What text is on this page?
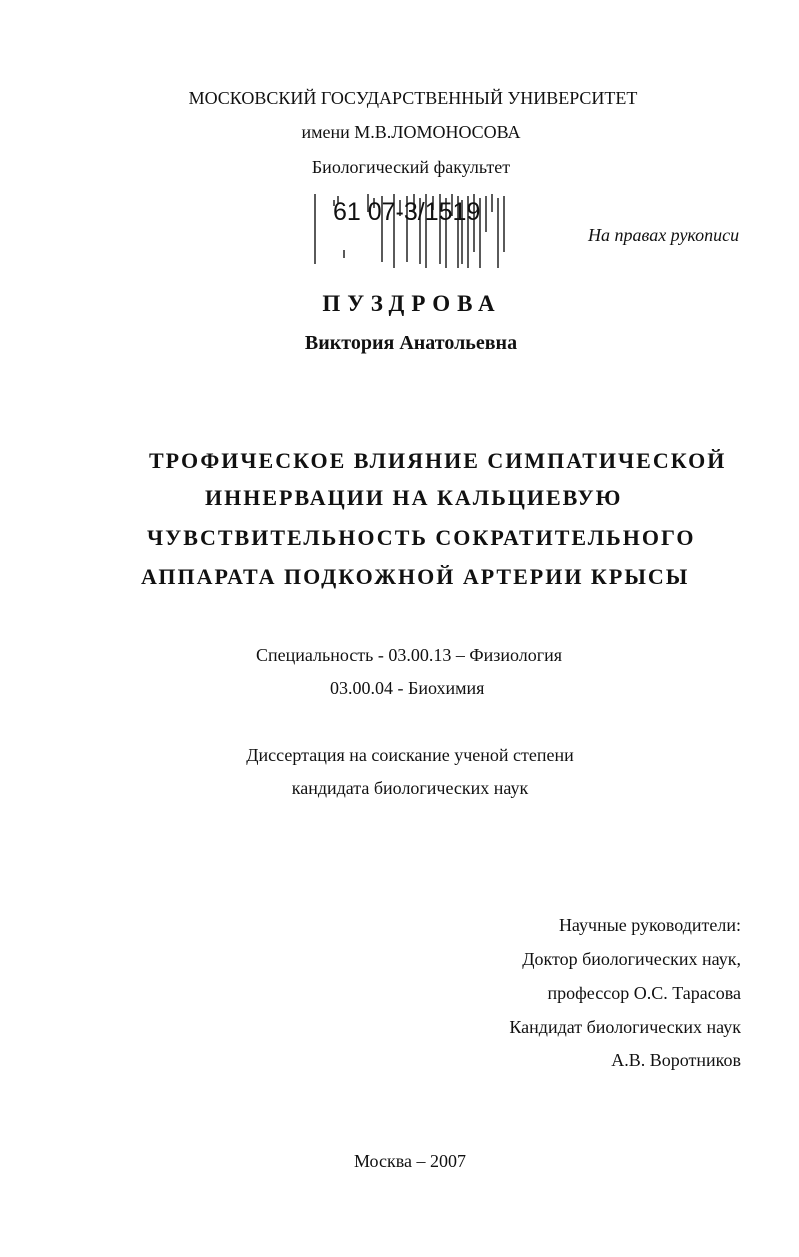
МОСКОВСКИЙ ГОСУДАРСТВЕННЫЙ УНИВЕРСИТЕТ
имени М.В.ЛОМОНОСОВА
Биологический факультет
61 07-3/1519
На правах рукописи
ПУЗДРОВА
Виктория Анатольевна
ТРОФИЧЕСКОЕ ВЛИЯНИЕ СИМПАТИЧЕСКОЙ
ИННЕРВАЦИИ НА КАЛЬЦИЕВУЮ
ЧУВСТВИТЕЛЬНОСТЬ СОКРАТИТЕЛЬНОГО
АППАРАТА ПОДКОЖНОЙ АРТЕРИИ КРЫСЫ
Специальность - 03.00.13 – Физиология
03.00.04 - Биохимия
Диссертация на соискание ученой степени
кандидата биологических наук
Научные руководители:
Доктор биологических наук,
профессор О.С. Тарасова
Кандидат биологических наук
А.В. Воротников
Москва – 2007
